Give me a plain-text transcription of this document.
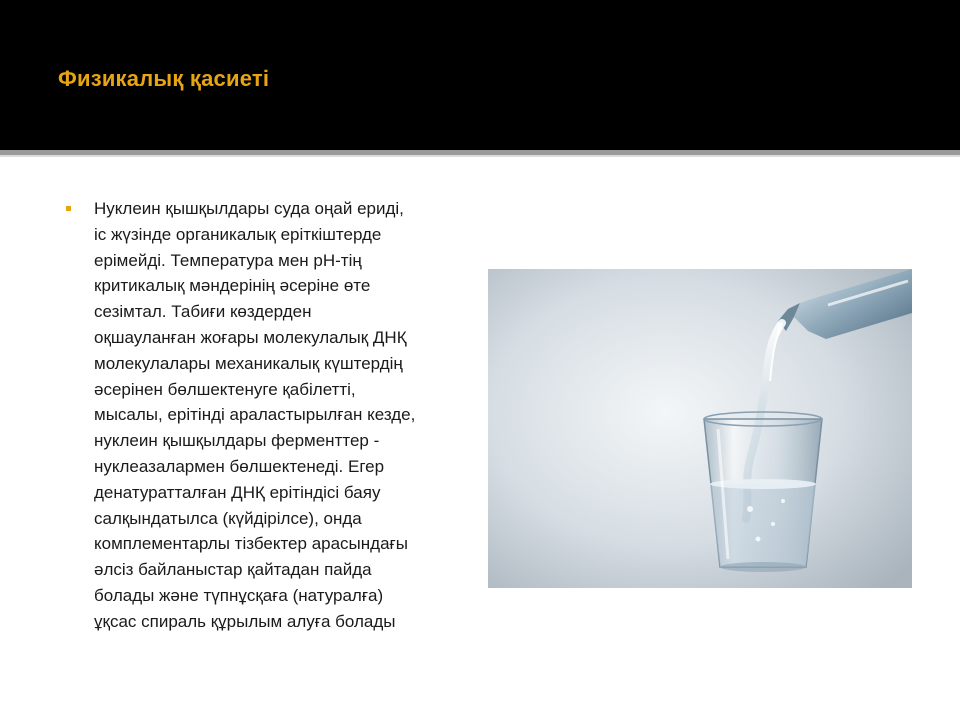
Физикалық қасиеті
Нуклеин қышқылдары суда оңай ериді,
іс жүзінде органикалық еріткіштерде
ерімейді. Температура мен рН-тің
критикалық мәндерінің әсеріне өте
сезімтал. Табиғи көздерден
оқшауланған жоғары молекулалық ДНҚ
молекулалары механикалық күштердің
әсерінен бөлшектенуге қабілетті,
мысалы, ерітінді араластырылған кезде,
нуклеин қышқылдары ферменттер -
нуклеазалармен бөлшектенеді. Егер
денатуратталған ДНҚ ерітіндісі баяу
салқындатылса (күйдірілсе), онда
комплементарлы тізбектер арасындағы
әлсіз байланыстар қайтадан пайда
болады және түпнұсқаға (натуралға)
ұқсас спираль құрылым алуға болады
